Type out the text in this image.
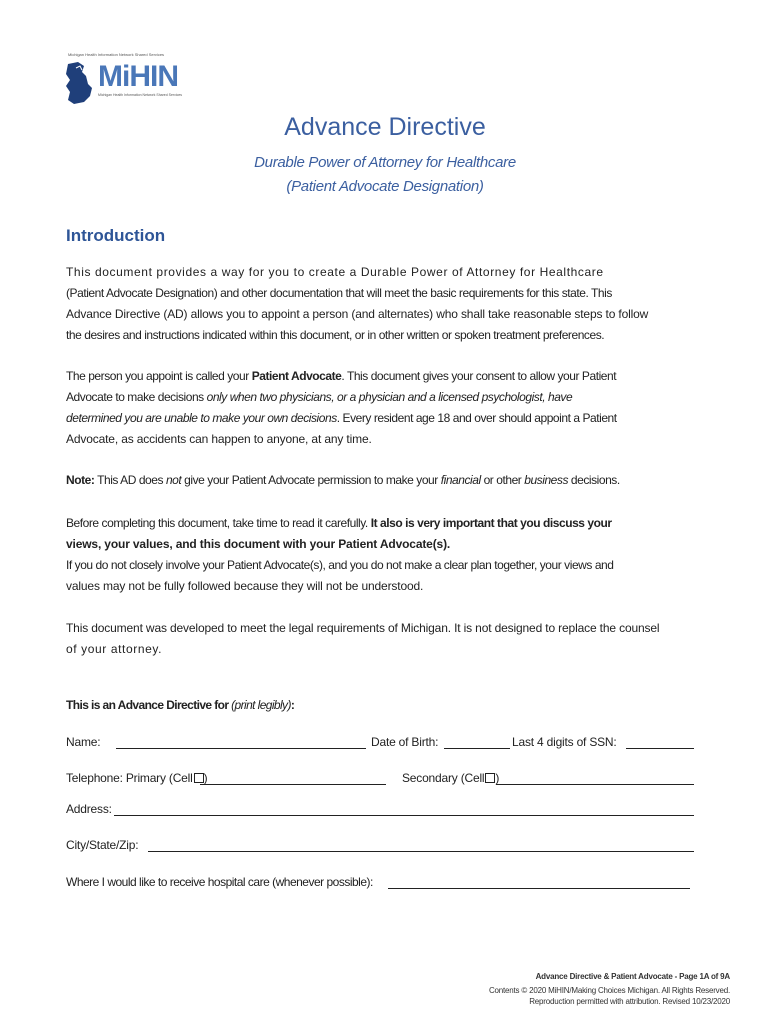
Michigan Health Information Network Shared Services
MiHIN
Michigan Health Information Network Shared Services
Advance Directive
Durable Power of Attorney for Healthcare
(Patient Advocate Designation)
Introduction
This document provides a way for you to create a Durable Power of Attorney for Healthcare
(Patient Advocate Designation) and other documentation that will meet the basic requirements for this state. This
Advance Directive (AD) allows you to appoint a person (and alternates) who shall take reasonable steps to follow
the desires and instructions indicated within this document, or in other written or spoken treatment preferences.
The person you appoint is called your Patient Advocate. This document gives your consent to allow your Patient
Advocate to make decisions only when two physicians, or a physician and a licensed psychologist, have
determined you are unable to make your own decisions. Every resident age 18 and over should appoint a Patient
Advocate, as accidents can happen to anyone, at any time.
Note: This AD does not give your Patient Advocate permission to make your financial or other business decisions.
Before completing this document, take time to read it carefully. It also is very important that you discuss your
views, your values, and this document with your Patient Advocate(s).
If you do not closely involve your Patient Advocate(s), and you do not make a clear plan together, your views and
values may not be fully followed because they will not be understood.
This document was developed to meet the legal requirements of Michigan. It is not designed to replace the counsel
of your attorney.
This is an Advance Directive for (print legibly):
Name:	Date of Birth:	Last 4 digits of SSN:
Telephone: Primary (Cell )	Secondary (Cell )
Address:
City/State/Zip:
Where I would like to receive hospital care (whenever possible):
Advance Directive & Patient Advocate - Page 1A of 9A
Contents © 2020 MiHIN/Making Choices Michigan. All Rights Reserved.
Reproduction permitted with attribution. Revised 10/23/2020
